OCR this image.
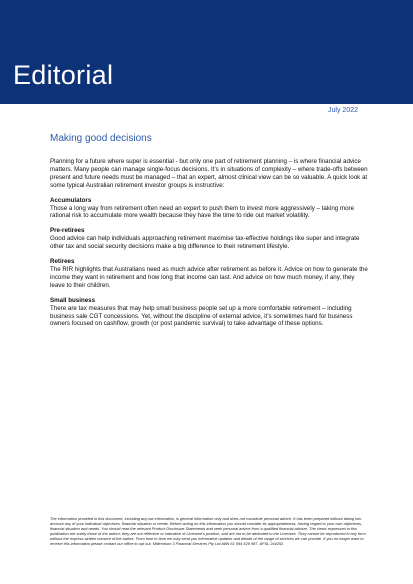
Editorial
July 2022
Making good decisions

Planning for a future where super is essential - but only one part of retirement planning – is where financial advice matters. Many people can manage single-focus decisions. It’s in situations of complexity – where trade-offs between present and future needs must be managed – that an expert, almost clinical view can be so valuable. A quick look at some typical Australian retirement investor groups is instructive:

Accumulators
Those a long way from retirement often need an expert to push them to invest more aggressively – taking more rational risk to accumulate more wealth because they have the time to ride out market volatility.
Pre-retirees
Good advice can help individuals approaching retirement maximise tax-effective holdings like super and integrate other tax and social security decisions make a big difference to their retirement lifestyle.
Retirees
The RIR highlights that Australians need as much advice after retirement as before it. Advice on how to generate the income they want in retirement and how long that income can last. And advice on how much money, if any, they leave to their children.
Small business
There are tax measures that may help small business people set up a more comfortable retirement – including business sale CGT concessions. Yet, without the discipline of external advice, it’s sometimes hard for business owners focused on cashflow, growth (or post pandemic survival) to take advantage of these options.
The information provided in this document, including any tax information, is general information only and does not constitute personal advice. It has been prepared without taking into account any of your individual objectives, financial situation or needs. Before acting on this information you should consider its appropriateness, having regard to your own objectives, financial situation and needs. You should read the relevant Product Disclosure Statements and seek personal advice from a qualified financial adviser. The views expressed in this publication are solely those of the author; they are not reflective or indicative of Licensee’s position, and are not to be attributed to the Licensee. They cannot be reproduced in any form without the express written consent of the author. From time to time we may send you informative updates and details of the range of services we can provide. If you no longer want to receive this information please contact our office to opt out. Millennium 3 Financial Services Pty Ltd ABN 61 094 529 987. AFSL 244252.
